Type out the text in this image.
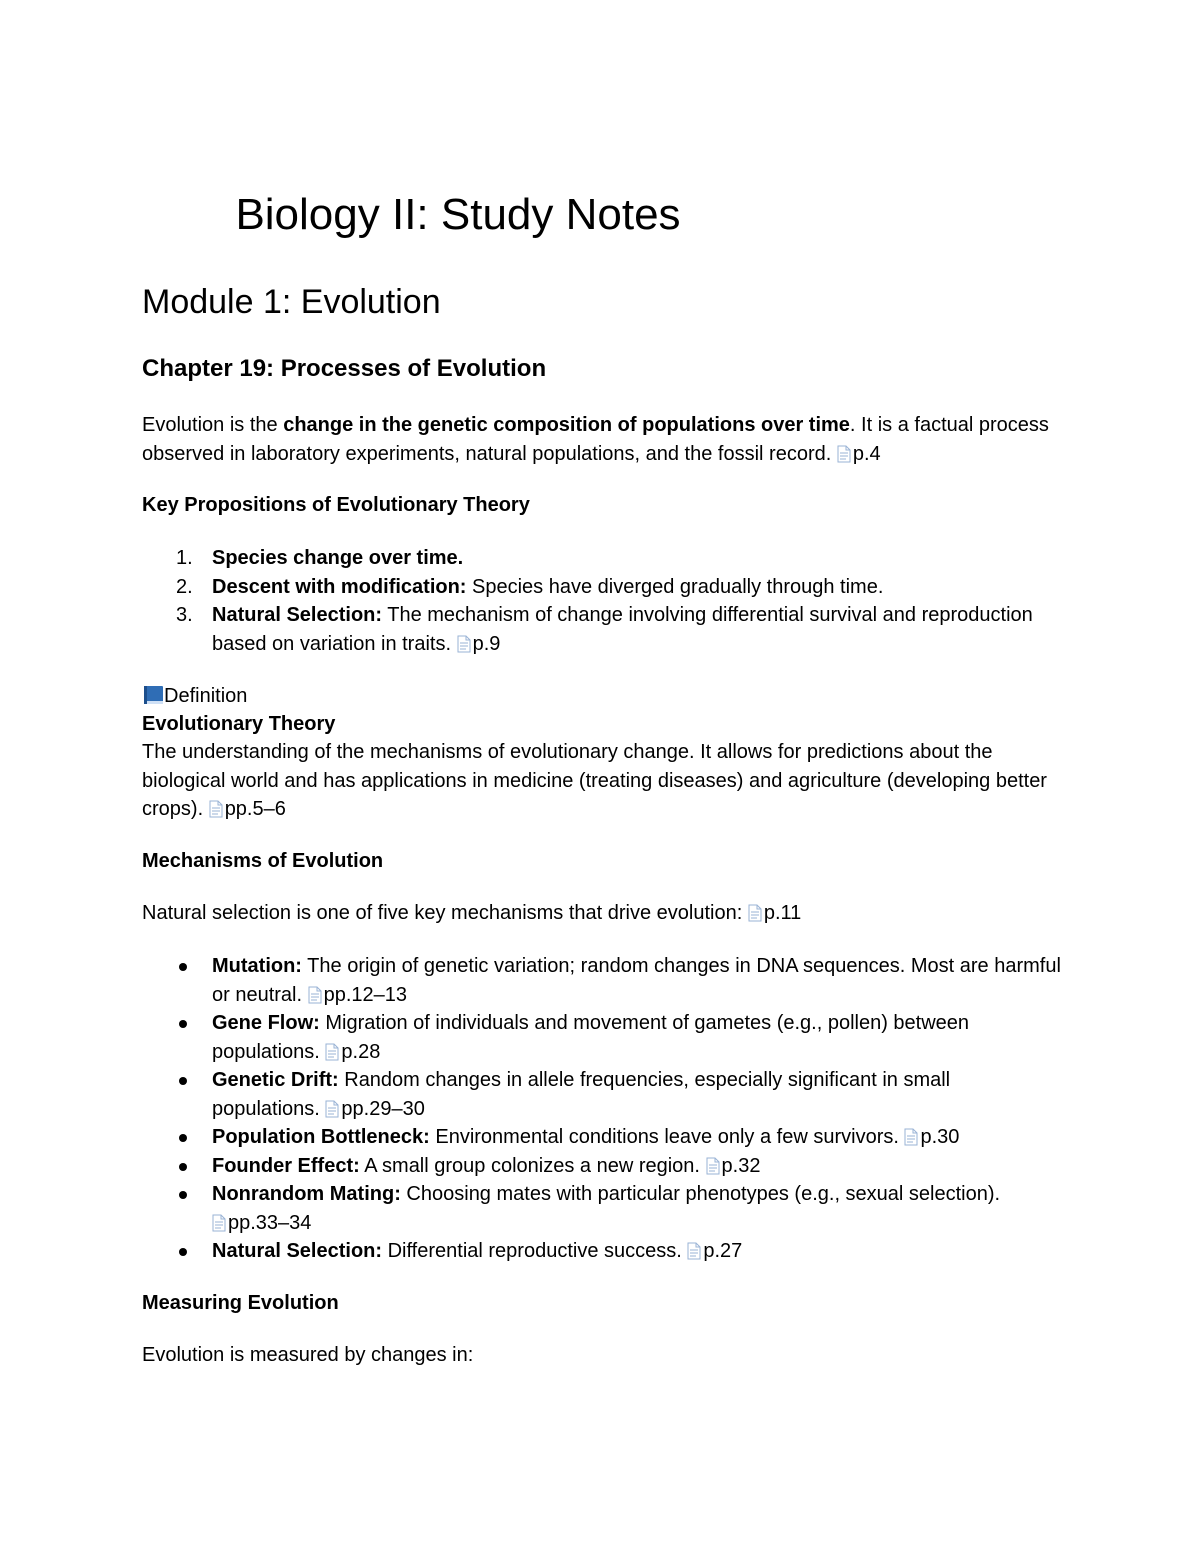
Biology II: Study Notes
Module 1: Evolution
Chapter 19: Processes of Evolution

Evolution is the change in the genetic composition of populations over time. It is a factual process observed in laboratory experiments, natural populations, and the fossil record. p.4

Key Propositions of Evolutionary Theory
1. Species change over time.
2. Descent with modification: Species have diverged gradually through time.
3. Natural Selection: The mechanism of change involving differential survival and reproduction based on variation in traits. p.9
Definition
Evolutionary Theory

The understanding of the mechanisms of evolutionary change. It allows for predictions about the biological world and has applications in medicine (treating diseases) and agriculture (developing better crops). pp.5–6

Mechanisms of Evolution

Natural selection is one of five key mechanisms that drive evolution: p.11

Mutation: The origin of genetic variation; random changes in DNA sequences. Most are harmful or neutral. pp.12–13
Gene Flow: Migration of individuals and movement of gametes (e.g., pollen) between populations. p.28
Genetic Drift: Random changes in allele frequencies, especially significant in small populations. pp.29–30
Population Bottleneck: Environmental conditions leave only a few survivors. p.30
Founder Effect: A small group colonizes a new region. p.32
Nonrandom Mating: Choosing mates with particular phenotypes (e.g., sexual selection). pp.33–34
Natural Selection: Differential reproductive success. p.27
Measuring Evolution

Evolution is measured by changes in:
